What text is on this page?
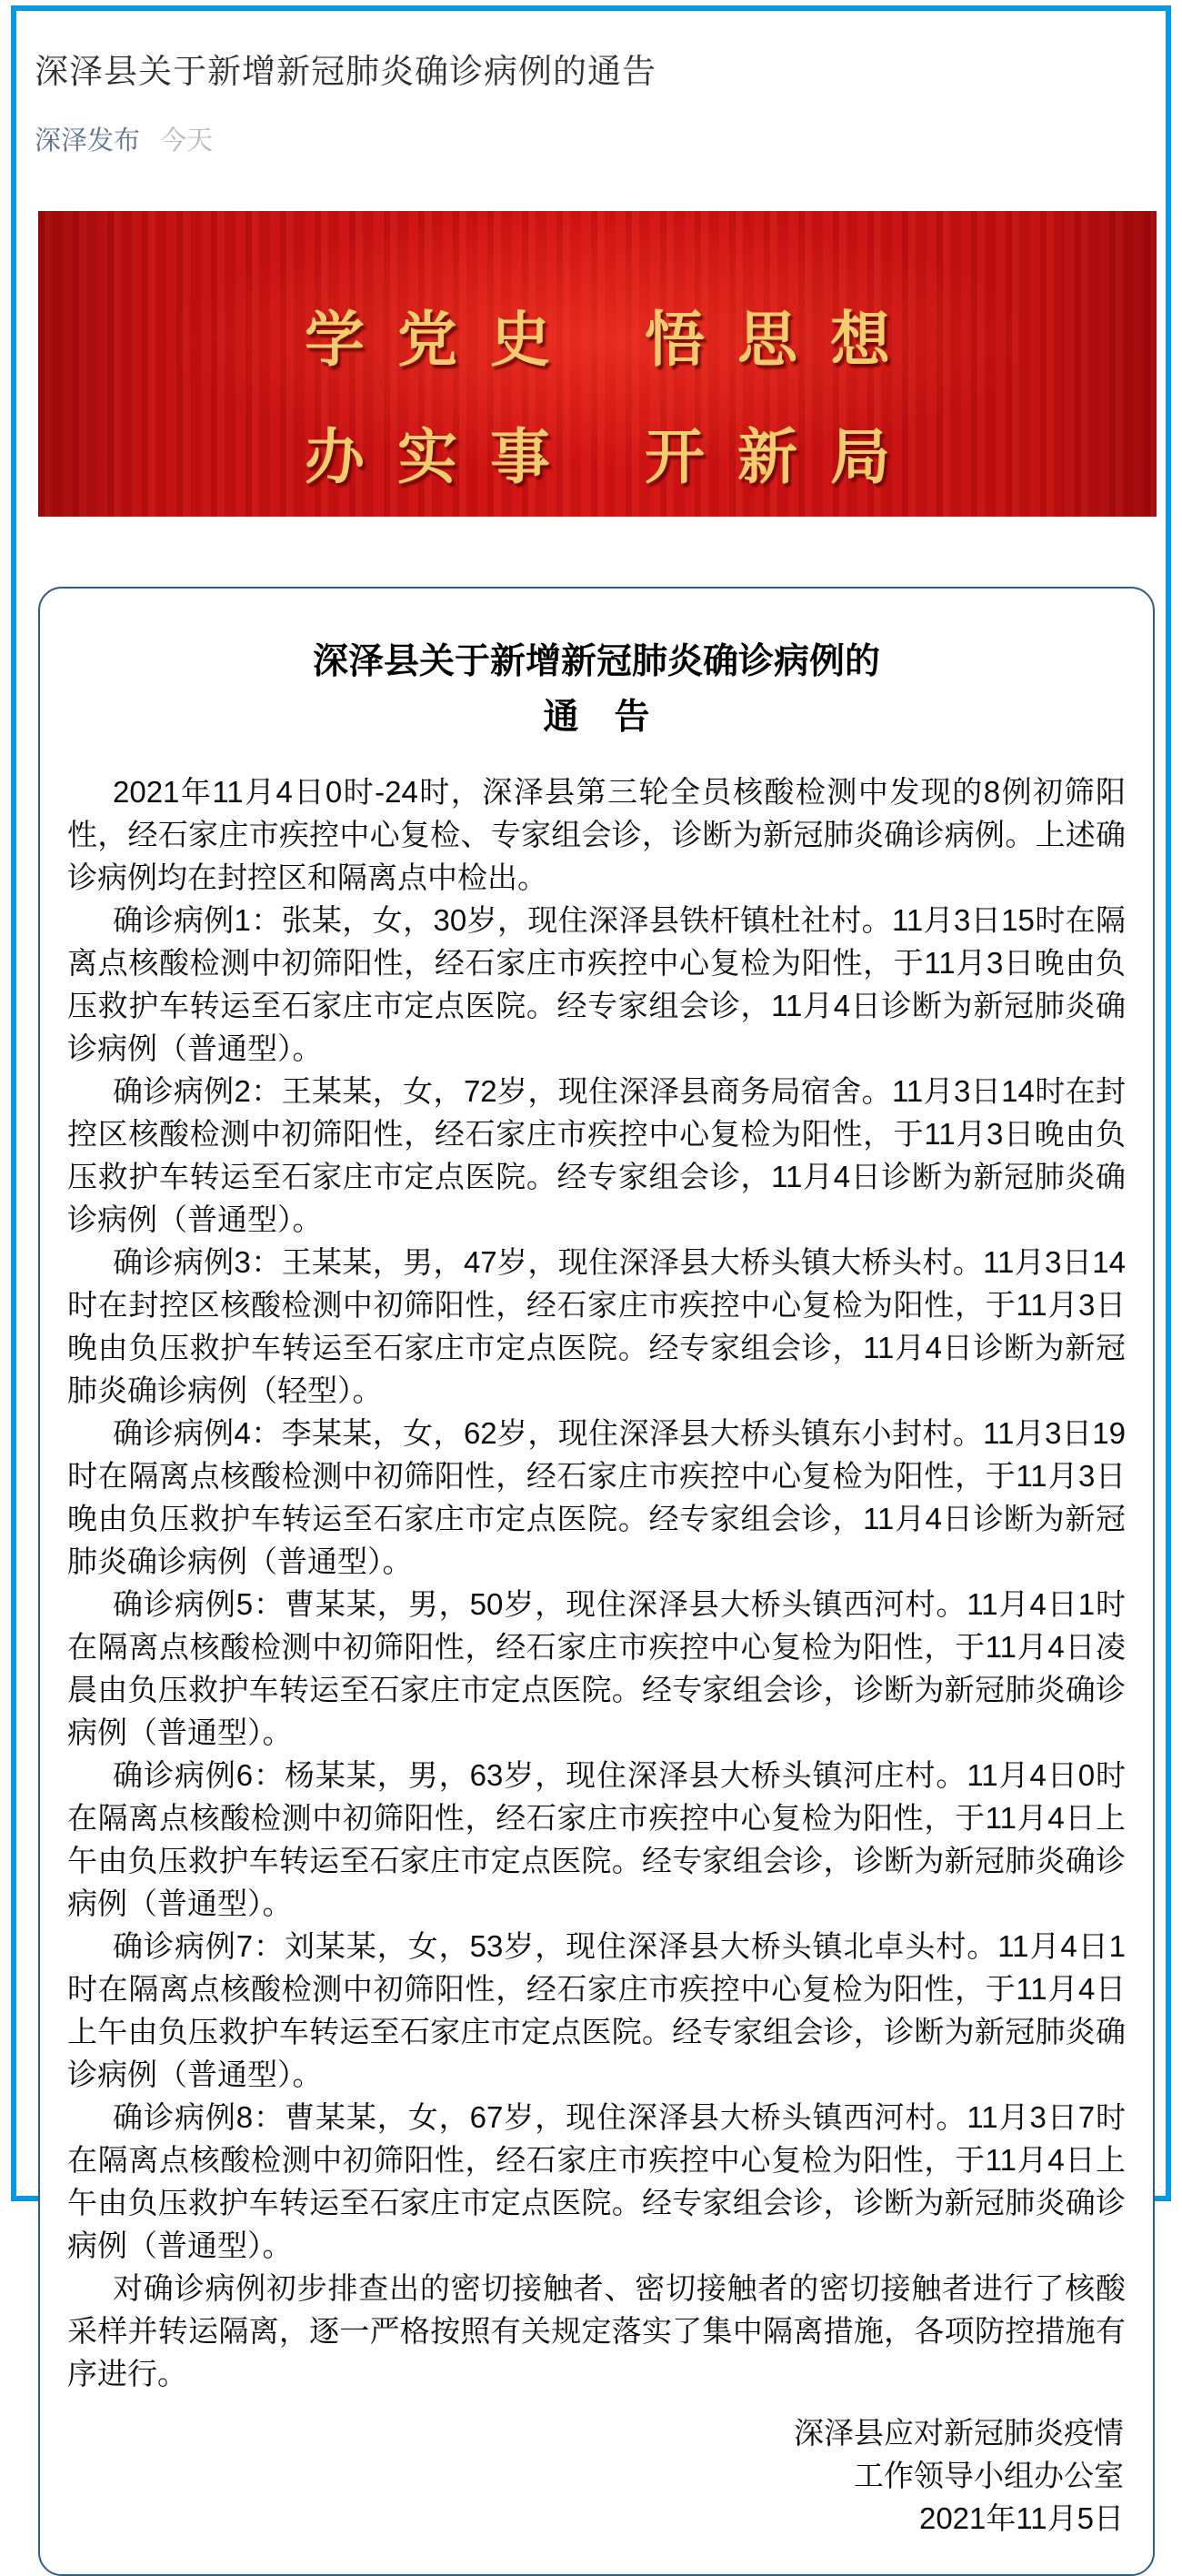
深泽县关于新增新冠肺炎确诊病例的通告
深泽发布 今天
学党史 悟思想
办实事 开新局
深泽县关于新增新冠肺炎确诊病例的
通　告

2021年11月4日0时-24时，深泽县第三轮全员核酸检测中发现的8例初筛阳性，经石家庄市疾控中心复检、专家组会诊，诊断为新冠肺炎确诊病例。上述确诊病例均在封控区和隔离点中检出。

确诊病例1：张某，女，30岁，现住深泽县铁杆镇杜社村。11月3日15时在隔离点核酸检测中初筛阳性，经石家庄市疾控中心复检为阳性，于11月3日晚由负压救护车转运至石家庄市定点医院。经专家组会诊，11月4日诊断为新冠肺炎确诊病例（普通型）。

确诊病例2：王某某，女，72岁，现住深泽县商务局宿舍。11月3日14时在封控区核酸检测中初筛阳性，经石家庄市疾控中心复检为阳性，于11月3日晚由负压救护车转运至石家庄市定点医院。经专家组会诊，11月4日诊断为新冠肺炎确诊病例（普通型）。

确诊病例3：王某某，男，47岁，现住深泽县大桥头镇大桥头村。11月3日14时在封控区核酸检测中初筛阳性，经石家庄市疾控中心复检为阳性，于11月3日晚由负压救护车转运至石家庄市定点医院。经专家组会诊，11月4日诊断为新冠肺炎确诊病例（轻型）。

确诊病例4：李某某，女，62岁，现住深泽县大桥头镇东小封村。11月3日19时在隔离点核酸检测中初筛阳性，经石家庄市疾控中心复检为阳性，于11月3日晚由负压救护车转运至石家庄市定点医院。经专家组会诊，11月4日诊断为新冠肺炎确诊病例（普通型）。

确诊病例5：曹某某，男，50岁，现住深泽县大桥头镇西河村。11月4日1时在隔离点核酸检测中初筛阳性，经石家庄市疾控中心复检为阳性，于11月4日凌晨由负压救护车转运至石家庄市定点医院。经专家组会诊，诊断为新冠肺炎确诊病例（普通型）。

确诊病例6：杨某某，男，63岁，现住深泽县大桥头镇河庄村。11月4日0时在隔离点核酸检测中初筛阳性，经石家庄市疾控中心复检为阳性，于11月4日上午由负压救护车转运至石家庄市定点医院。经专家组会诊，诊断为新冠肺炎确诊病例（普通型）。

确诊病例7：刘某某，女，53岁，现住深泽县大桥头镇北卓头村。11月4日1时在隔离点核酸检测中初筛阳性，经石家庄市疾控中心复检为阳性，于11月4日上午由负压救护车转运至石家庄市定点医院。经专家组会诊，诊断为新冠肺炎确诊病例（普通型）。

确诊病例8：曹某某，女，67岁，现住深泽县大桥头镇西河村。11月3日7时在隔离点核酸检测中初筛阳性，经石家庄市疾控中心复检为阳性，于11月4日上午由负压救护车转运至石家庄市定点医院。经专家组会诊，诊断为新冠肺炎确诊病例（普通型）。

对确诊病例初步排查出的密切接触者、密切接触者的密切接触者进行了核酸采样并转运隔离，逐一严格按照有关规定落实了集中隔离措施，各项防控措施有序进行。

深泽县应对新冠肺炎疫情
工作领导小组办公室
2021年11月5日
